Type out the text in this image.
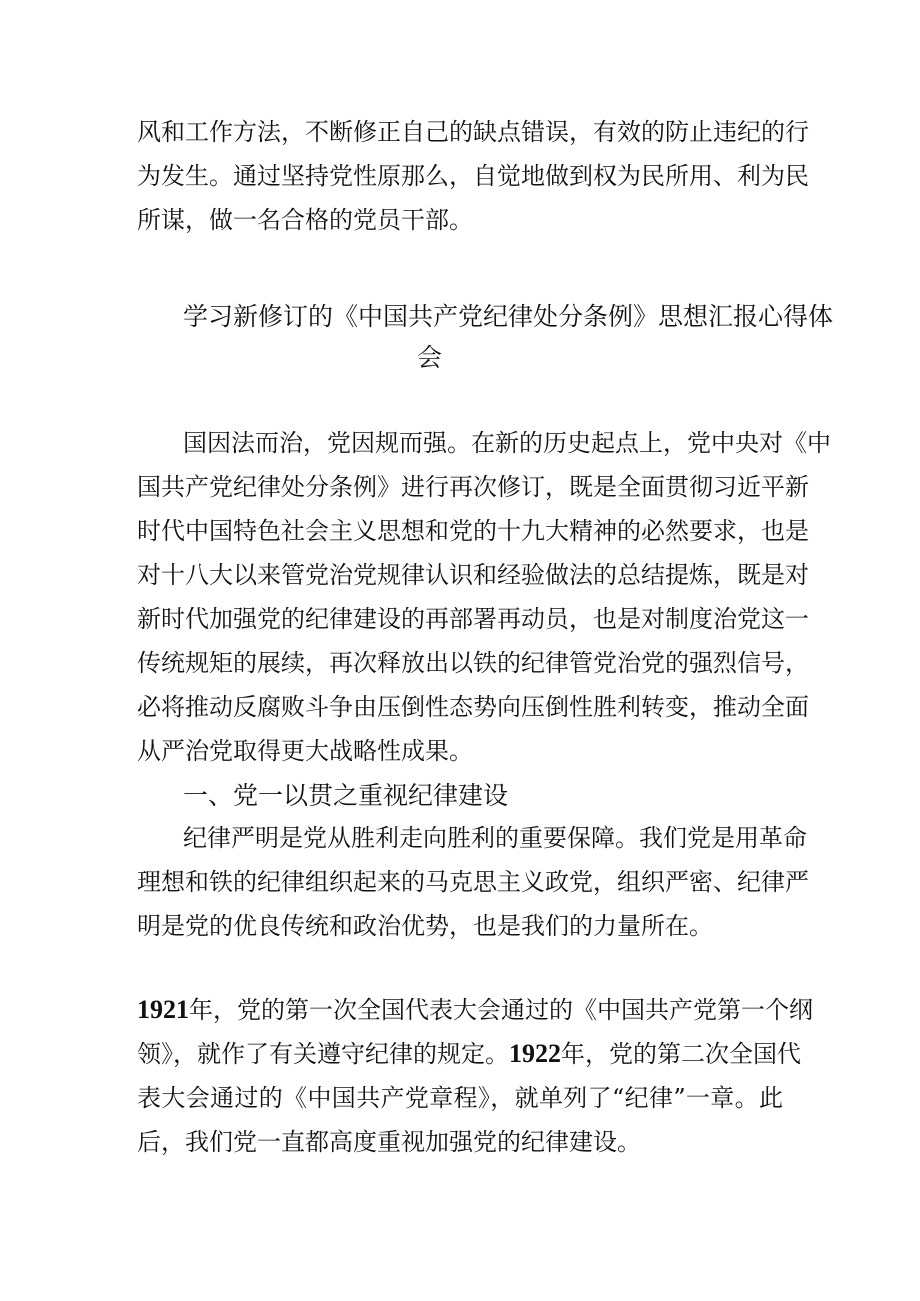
风和工作方法，不断修正自己的缺点错误，有效的防止违纪的行
为发生。通过坚持党性原那么，自觉地做到权为民所用、利为民
所谋，做一名合格的党员干部。
学习新修订的《中国共产党纪律处分条例》思想汇报心得体
会
国因法而治，党因规而强。在新的历史起点上，党中央对《中
国共产党纪律处分条例》进行再次修订，既是全面贯彻习近平新
时代中国特色社会主义思想和党的十九大精神的必然要求，也是
对十八大以来管党治党规律认识和经验做法的总结提炼，既是对
新时代加强党的纪律建设的再部署再动员，也是对制度治党这一
传统规矩的展续，再次释放出以铁的纪律管党治党的强烈信号，
必将推动反腐败斗争由压倒性态势向压倒性胜利转变，推动全面
从严治党取得更大战略性成果。
一、党一以贯之重视纪律建设
纪律严明是党从胜利走向胜利的重要保障。我们党是用革命
理想和铁的纪律组织起来的马克思主义政党，组织严密、纪律严
明是党的优良传统和政治优势，也是我们的力量所在。
1921年，党的第一次全国代表大会通过的《中国共产党第一个纲
领》，就作了有关遵守纪律的规定。1922年，党的第二次全国代
表大会通过的《中国共产党章程》，就单列了“纪律”一章。此
后，我们党一直都高度重视加强党的纪律建设。
